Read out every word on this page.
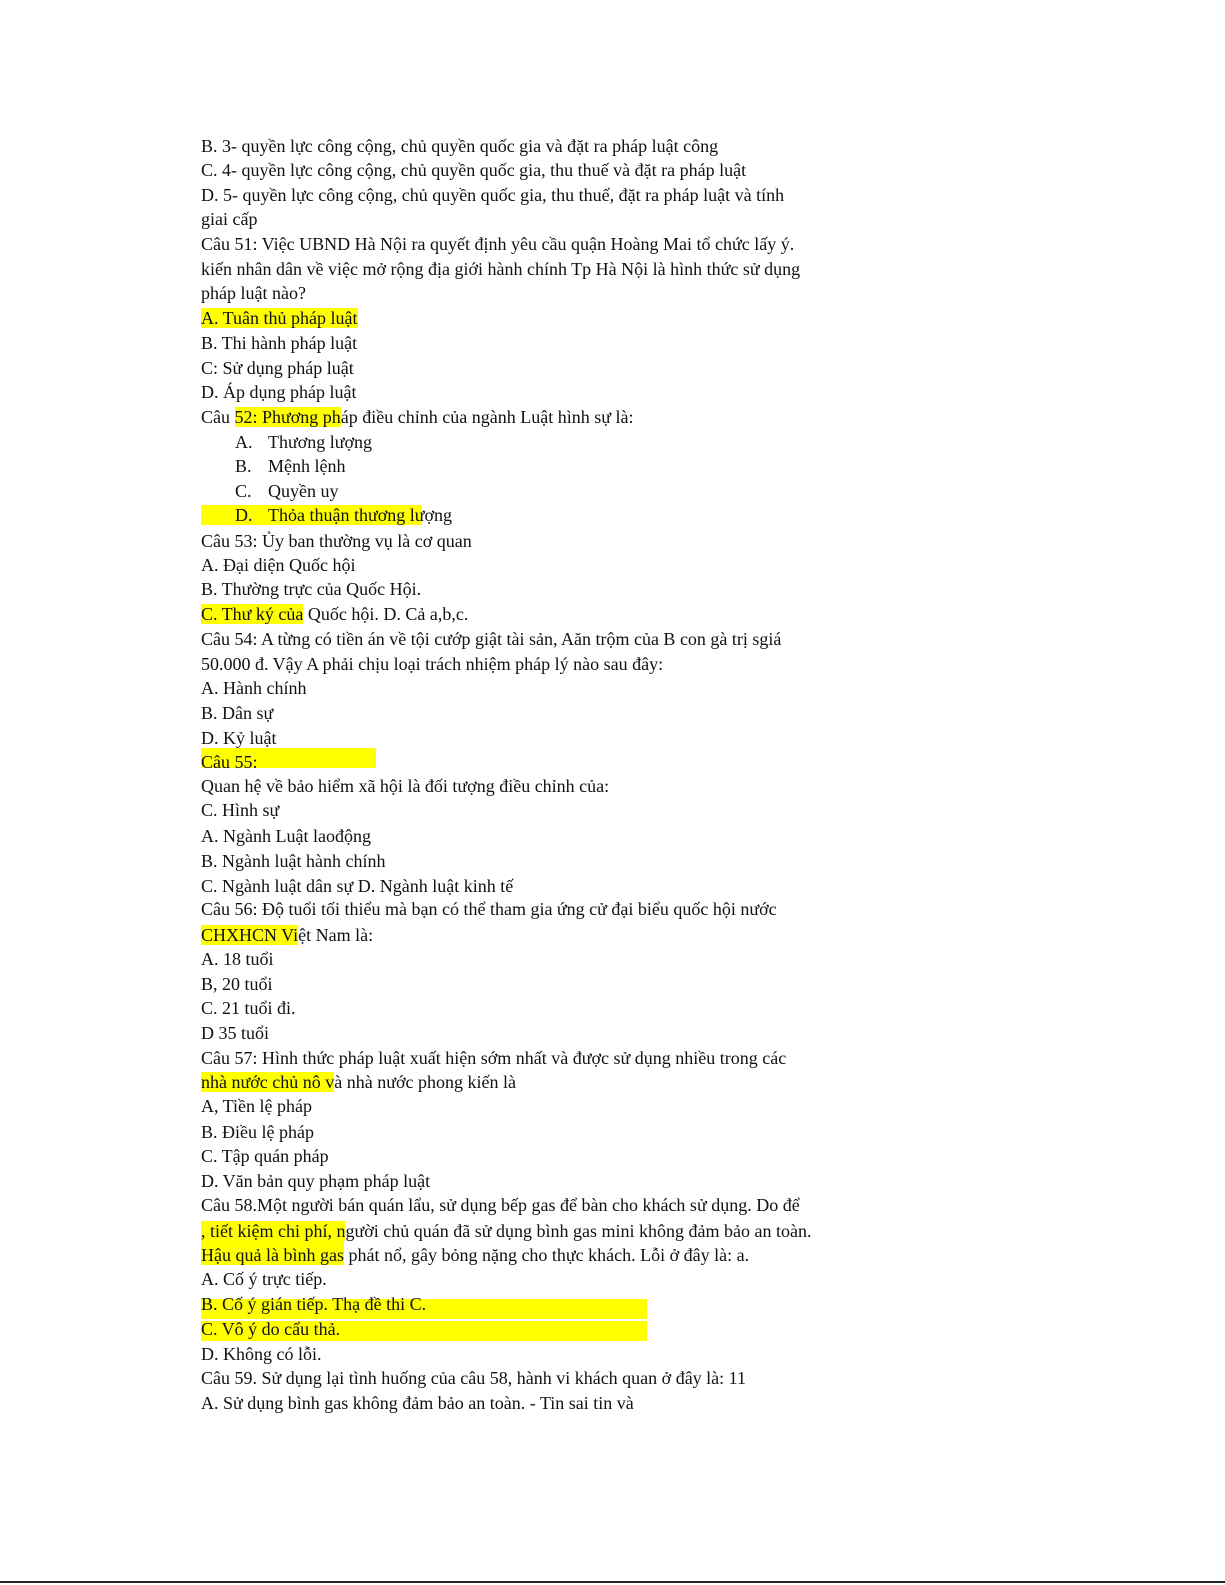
B. 3- quyền lực công cộng, chủ quyền quốc gia và đặt ra pháp luật công
C. 4- quyền lực công cộng, chủ quyền quốc gia, thu thuế và đặt ra pháp luật
D. 5- quyền lực công cộng, chủ quyền quốc gia, thu thuế, đặt ra pháp luật và tính
giai cấp
Câu 51: Việc UBND Hà Nội ra quyết định yêu cầu quận Hoàng Mai tổ chức lấy ý.
kiến nhân dân về việc mở rộng địa giới hành chính Tp Hà Nội là hình thức sử dụng
pháp luật nào?
A. Tuân thủ pháp luật
B. Thi hành pháp luật
C: Sử dụng pháp luật
D. Áp dụng pháp luật
Câu 52: Phương pháp điều chỉnh của ngành Luật hình sự là:
A. Thương lượng
B. Mệnh lệnh
C. Quyền uy
D. Thỏa thuận thương lượng
Câu 53: Ủy ban thường vụ là cơ quan
A. Đại diện Quốc hội
B. Thường trực của Quốc Hội.
C. Thư ký của Quốc hội. D. Cả a,b,c.
Câu 54: A từng có tiền án về tội cướp giật tài sản, Aăn trộm của B con gà trị sgiá
50.000 đ. Vậy A phải chịu loại trách nhiệm pháp lý nào sau đây:
A. Hành chính
B. Dân sự
D. Kỷ luật
Câu 55:
Quan hệ về bảo hiểm xã hội là đối tượng điều chỉnh của:
C. Hình sự
A. Ngành Luật laođộng
B. Ngành luật hành chính
C. Ngành luật dân sự D. Ngành luật kinh tế
Câu 56: Độ tuổi tối thiểu mà bạn có thể tham gia ứng cử đại biểu quốc hội nước
CHXHCN Việt Nam là:
A. 18 tuổi
B, 20 tuổi
C. 21 tuổi đi.
D 35 tuổi
Câu 57: Hình thức pháp luật xuất hiện sớm nhất và được sử dụng nhiều trong các
nhà nước chủ nô và nhà nước phong kiến là
A, Tiền lệ pháp
B. Điều lệ pháp
C. Tập quán pháp
D. Văn bản quy phạm pháp luật
Câu 58.Một người bán quán lẩu, sử dụng bếp gas để bàn cho khách sử dụng. Do để
, tiết kiệm chi phí, người chủ quán đã sử dụng bình gas mini không đảm bảo an toàn.
Hậu quả là bình gas phát nổ, gây bỏng nặng cho thực khách. Lỗi ở đây là: a.
A. Cố ý trực tiếp.
B. Cố ý gián tiếp. Thạ đề thi C.
C. Vô ý do cẩu thả.
D. Không có lỗi.
Câu 59. Sử dụng lại tình huống của câu 58, hành vi khách quan ở đây là: 11
A. Sử dụng bình gas không đảm bảo an toàn. - Tin sai tin và
